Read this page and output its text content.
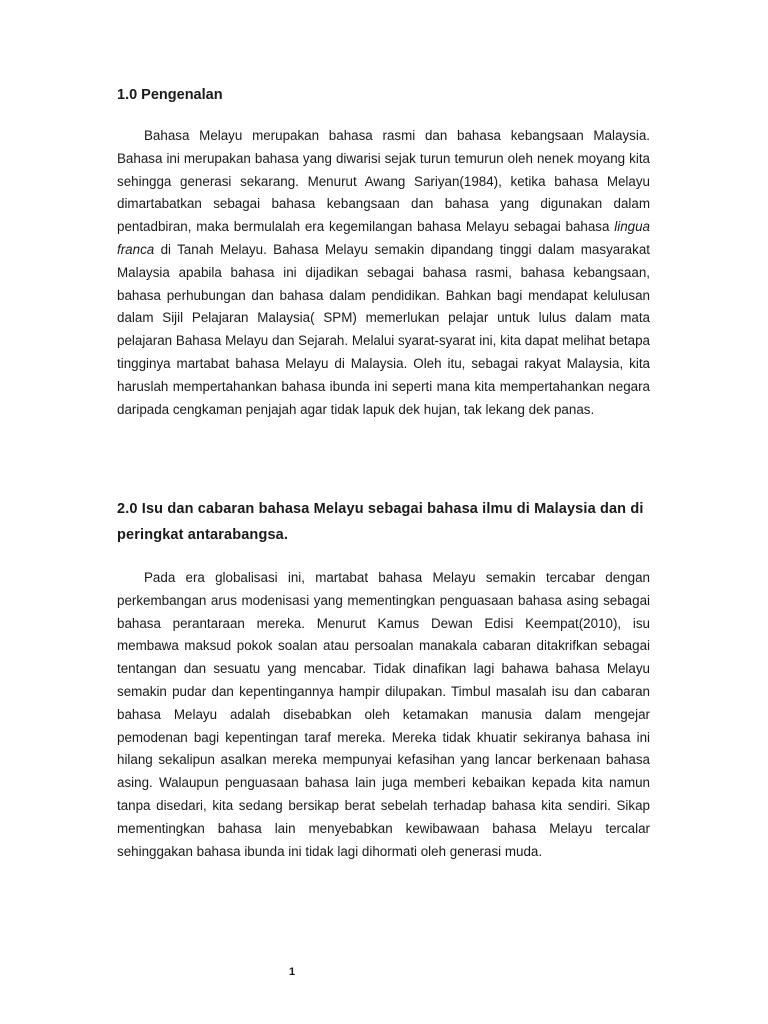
1.0 Pengenalan

Bahasa Melayu merupakan bahasa rasmi dan bahasa kebangsaan Malaysia. Bahasa ini merupakan bahasa yang diwarisi sejak turun temurun oleh nenek moyang kita sehingga generasi sekarang. Menurut Awang Sariyan(1984), ketika bahasa Melayu dimartabatkan sebagai bahasa kebangsaan dan bahasa yang digunakan dalam pentadbiran, maka bermulalah era kegemilangan bahasa Melayu sebagai bahasa lingua franca di Tanah Melayu. Bahasa Melayu semakin dipandang tinggi dalam masyarakat Malaysia apabila bahasa ini dijadikan sebagai bahasa rasmi, bahasa kebangsaan, bahasa perhubungan dan bahasa dalam pendidikan. Bahkan bagi mendapat kelulusan dalam Sijil Pelajaran Malaysia( SPM) memerlukan pelajar untuk lulus dalam mata pelajaran Bahasa Melayu dan Sejarah. Melalui syarat-syarat ini, kita dapat melihat betapa tingginya martabat bahasa Melayu di Malaysia. Oleh itu, sebagai rakyat Malaysia, kita haruslah mempertahankan bahasa ibunda ini seperti mana kita mempertahankan negara daripada cengkaman penjajah agar tidak lapuk dek hujan, tak lekang dek panas.

2.0 Isu dan cabaran bahasa Melayu sebagai bahasa ilmu di Malaysia dan di peringkat antarabangsa.

Pada era globalisasi ini, martabat bahasa Melayu semakin tercabar dengan perkembangan arus modenisasi yang mementingkan penguasaan bahasa asing sebagai bahasa perantaraan mereka. Menurut Kamus Dewan Edisi Keempat(2010), isu membawa maksud pokok soalan atau persoalan manakala cabaran ditakrifkan sebagai tentangan dan sesuatu yang mencabar. Tidak dinafikan lagi bahawa bahasa Melayu semakin pudar dan kepentingannya hampir dilupakan. Timbul masalah isu dan cabaran bahasa Melayu adalah disebabkan oleh ketamakan manusia dalam mengejar pemodenan bagi kepentingan taraf mereka. Mereka tidak khuatir sekiranya bahasa ini hilang sekalipun asalkan mereka mempunyai kefasihan yang lancar berkenaan bahasa asing. Walaupun penguasaan bahasa lain juga memberi kebaikan kepada kita namun tanpa disedari, kita sedang bersikap berat sebelah terhadap bahasa kita sendiri. Sikap mementingkan bahasa lain menyebabkan kewibawaan bahasa Melayu tercalar sehinggakan bahasa ibunda ini tidak lagi dihormati oleh generasi muda.

1
